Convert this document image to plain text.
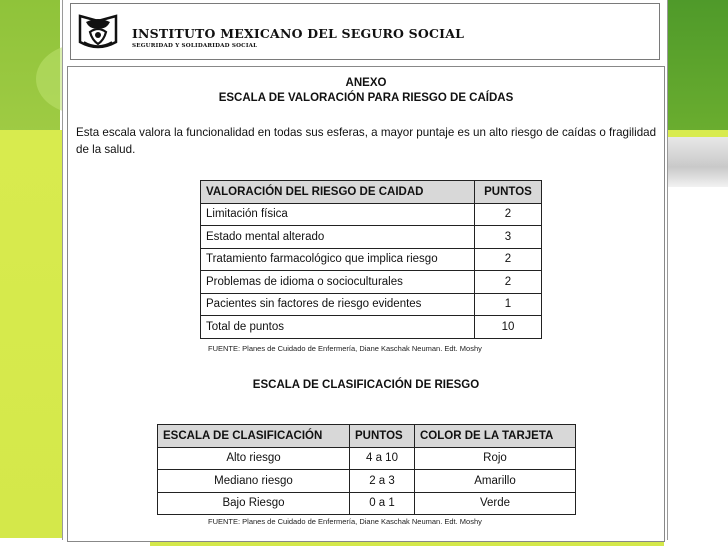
INSTITUTO MEXICANO DEL SEGURO SOCIAL
SEGURIDAD Y SOLIDARIDAD SOCIAL
ANEXO
ESCALA DE VALORACIÓN PARA RIESGO DE CAÍDAS
Esta escala valora la funcionalidad en todas sus esferas, a mayor puntaje es un alto riesgo de caídas o fragilidad de la salud.
VALORACIÓN DEL RIESGO DE CAIDAD	PUNTOS
Limitación física	2
Estado mental alterado	3
Tratamiento farmacológico que implica riesgo	2
Problemas de idioma o socioculturales	2
Pacientes sin factores de riesgo evidentes	1
Total de puntos	10
FUENTE: Planes de Cuidado de Enfermería, Diane Kaschak Neuman. Edt. Moshy
ESCALA DE CLASIFICACIÓN DE RIESGO
ESCALA DE CLASIFICACIÓN	PUNTOS	COLOR DE LA TARJETA
Alto riesgo	4 a 10	Rojo
Mediano riesgo	2 a 3	Amarillo
Bajo Riesgo	0 a 1	Verde
FUENTE: Planes de Cuidado de Enfermería, Diane Kaschak Neuman. Edt. Moshy
